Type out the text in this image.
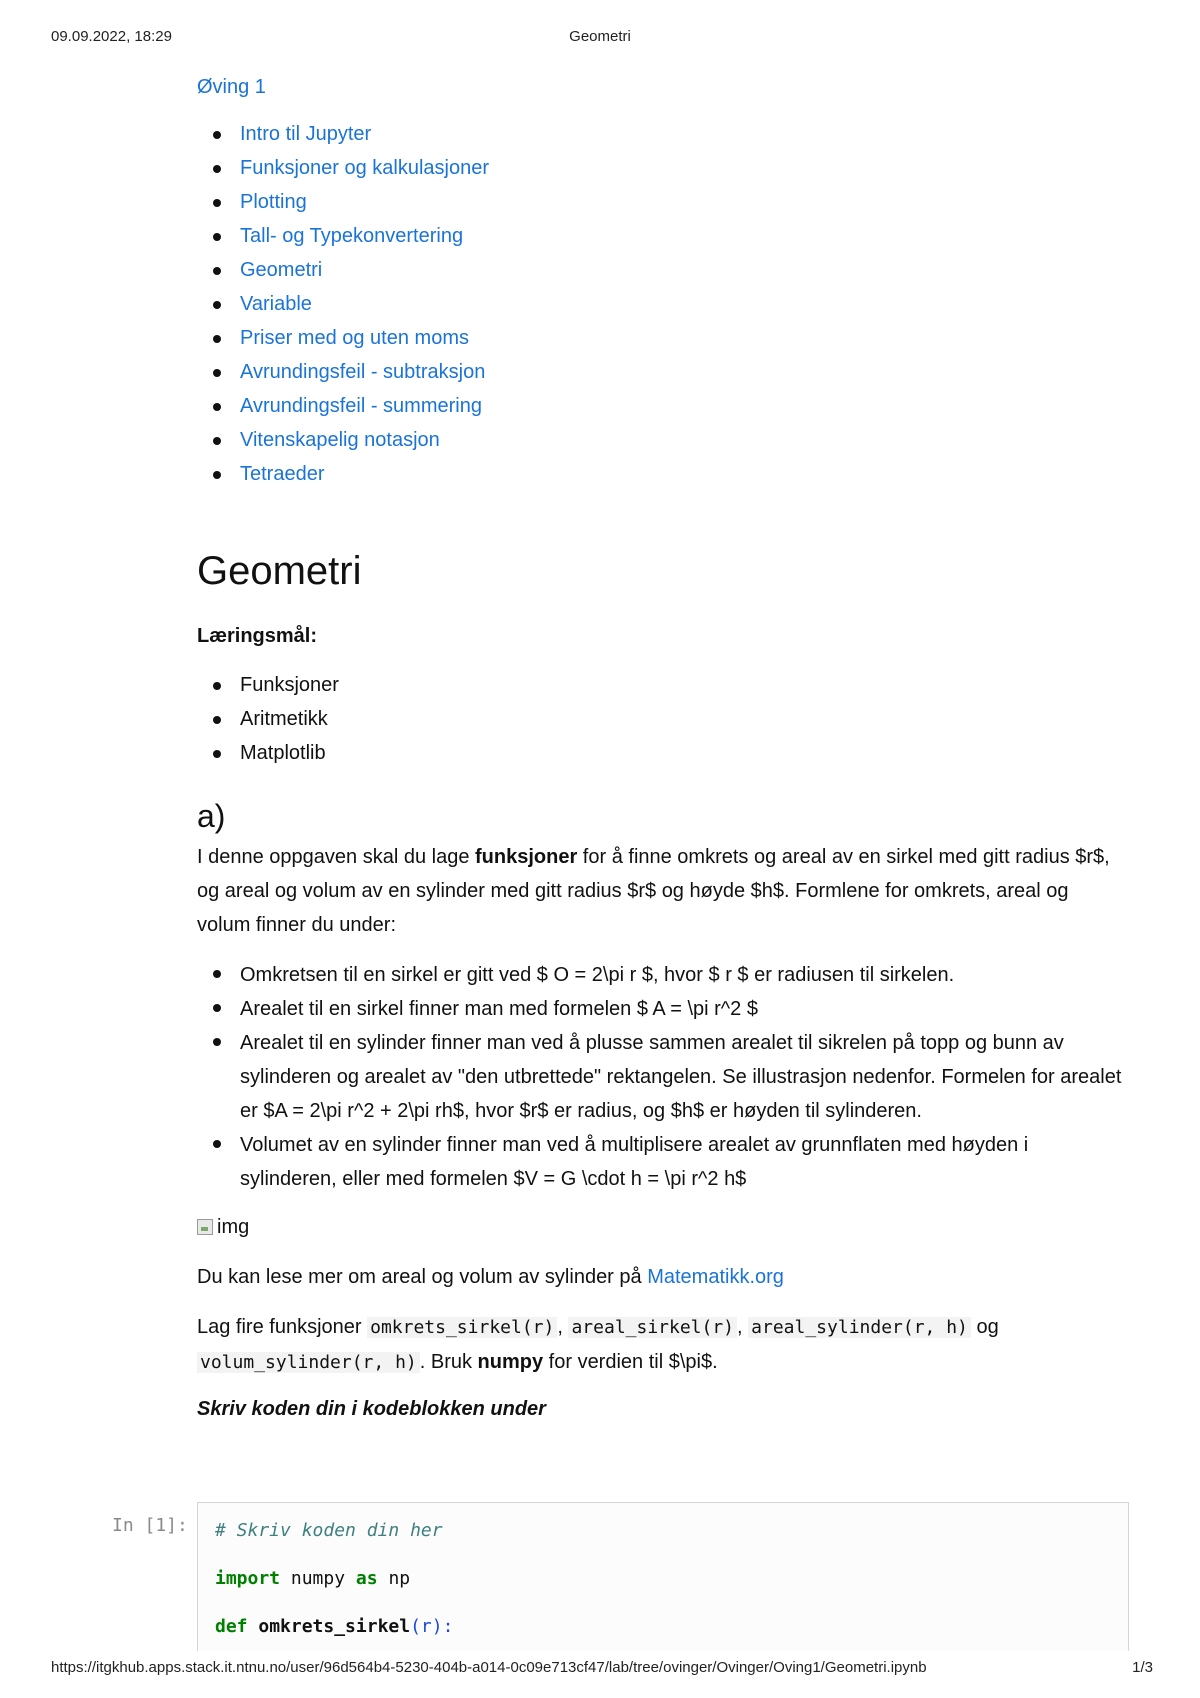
09.09.2022, 18:29	Geometri
Øving 1
Intro til Jupyter
Funksjoner og kalkulasjoner
Plotting
Tall- og Typekonvertering
Geometri
Variable
Priser med og uten moms
Avrundingsfeil - subtraksjon
Avrundingsfeil - summering
Vitenskapelig notasjon
Tetraeder
Geometri
Læringsmål:
Funksjoner
Aritmetikk
Matplotlib
a)

I denne oppgaven skal du lage funksjoner for å finne omkrets og areal av en sirkel med gitt radius $r$, og areal og volum av en sylinder med gitt radius $r$ og høyde $h$. Formlene for omkrets, areal og volum finner du under:

Omkretsen til en sirkel er gitt ved $ O = 2\pi r $, hvor $ r $ er radiusen til sirkelen.
Arealet til en sirkel finner man med formelen $ A = \pi r^2 $
Arealet til en sylinder finner man ved å plusse sammen arealet til sikrelen på topp og bunn av sylinderen og arealet av "den utbrettede" rektangelen. Se illustrasjon nedenfor. Formelen for arealet er $A = 2\pi r^2 + 2\pi rh$, hvor $r$ er radius, og $h$ er høyden til sylinderen.
Volumet av en sylinder finner man ved å multiplisere arealet av grunnflaten med høyden i sylinderen, eller med formelen $V = G \cdot h = \pi r^2 h$
img

Du kan lese mer om areal og volum av sylinder på Matematikk.org

Lag fire funksjoner omkrets_sirkel(r) , areal_sirkel(r) , areal_sylinder(r, h) og volum_sylinder(r, h) . Bruk numpy for verdien til $\pi$.

Skriv koden din i kodeblokken under

In [1]: # Skriv koden din her
import numpy as np
def omkrets_sirkel(r):
https://itgkhub.apps.stack.it.ntnu.no/user/96d564b4-5230-404b-a014-0c09e713cf47/lab/tree/ovinger/Ovinger/Oving1/Geometri.ipynb	1/3
